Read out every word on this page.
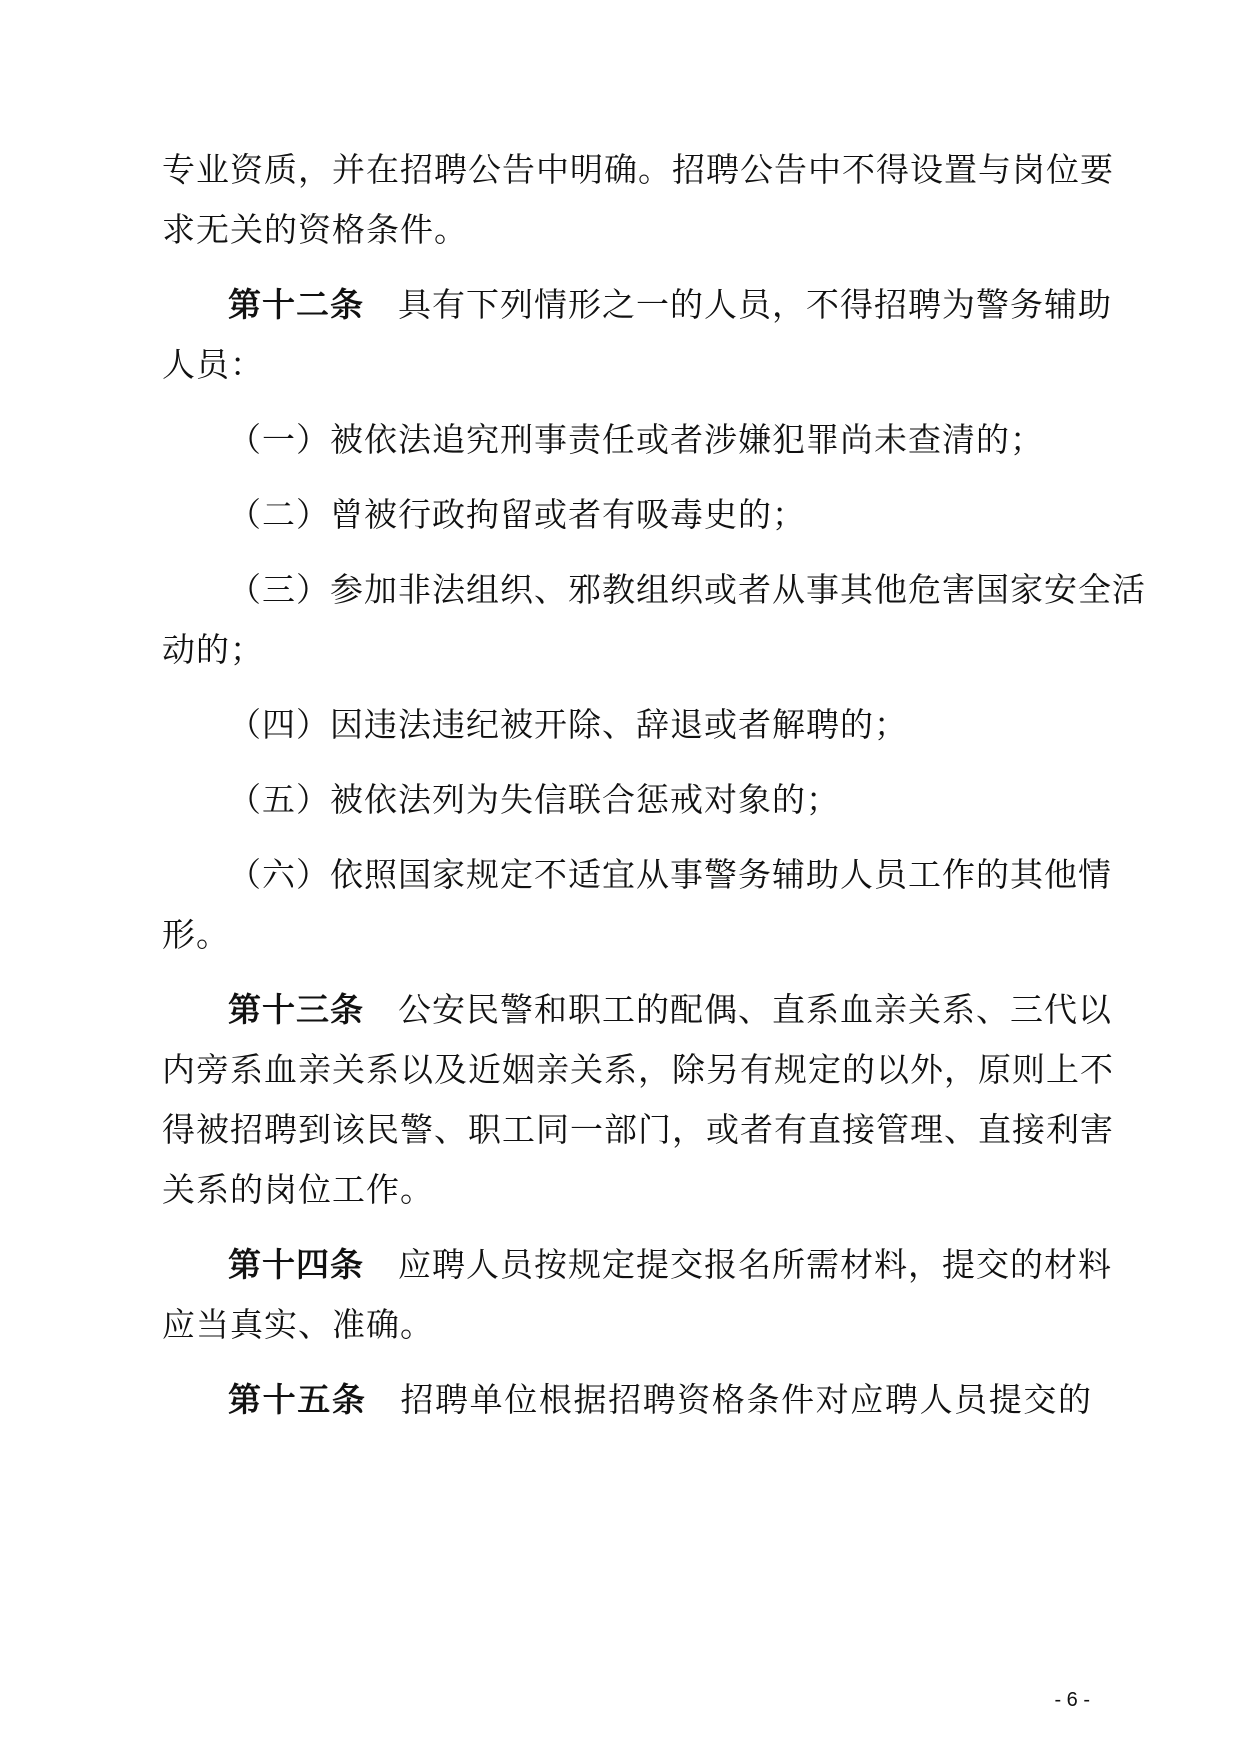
专业资质，并在招聘公告中明确。招聘公告中不得设置与岗位要
求无关的资格条件。
第十二条 具有下列情形之一的人员，不得招聘为警务辅助
人员：
（一）被依法追究刑事责任或者涉嫌犯罪尚未查清的；
（二）曾被行政拘留或者有吸毒史的；
（三）参加非法组织、邪教组织或者从事其他危害国家安全活
动的；
（四）因违法违纪被开除、辞退或者解聘的；
（五）被依法列为失信联合惩戒对象的；
（六）依照国家规定不适宜从事警务辅助人员工作的其他情
形。
第十三条 公安民警和职工的配偶、直系血亲关系、三代以
内旁系血亲关系以及近姻亲关系，除另有规定的以外，原则上不
得被招聘到该民警、职工同一部门，或者有直接管理、直接利害
关系的岗位工作。
第十四条 应聘人员按规定提交报名所需材料，提交的材料
应当真实、准确。
第十五条 招聘单位根据招聘资格条件对应聘人员提交的
- 6 -
